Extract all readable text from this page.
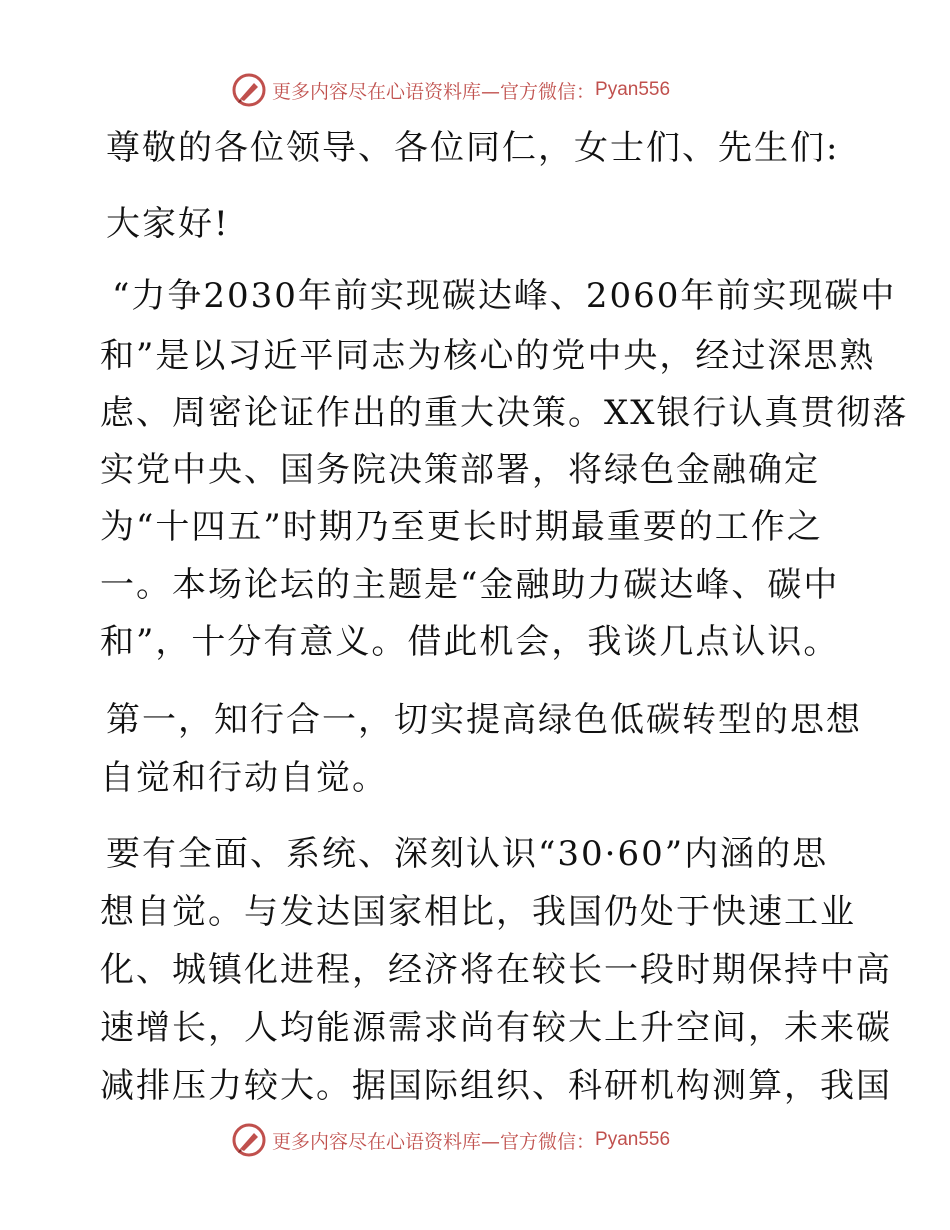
更多内容尽在心语资料库—官方微信： Pyan556
尊敬的各位领导、各位同仁，女士们、先生们:
大家好!
“力争2030年前实现碳达峰、2060年前实现碳中
和”是以习近平同志为核心的党中央，经过深思熟
虑、周密论证作出的重大决策。XX银行认真贯彻落
实党中央、国务院决策部署，将绿色金融确定
为“十四五”时期乃至更长时期最重要的工作之
一。本场论坛的主题是“金融助力碳达峰、碳中
和”，十分有意义。借此机会，我谈几点认识。
第一，知行合一，切实提高绿色低碳转型的思想
自觉和行动自觉。
要有全面、系统、深刻认识“30·60”内涵的思
想自觉。与发达国家相比，我国仍处于快速工业
化、城镇化进程，经济将在较长一段时期保持中高
速增长，人均能源需求尚有较大上升空间，未来碳
减排压力较大。据国际组织、科研机构测算，我国
更多内容尽在心语资料库—官方微信： Pyan556
